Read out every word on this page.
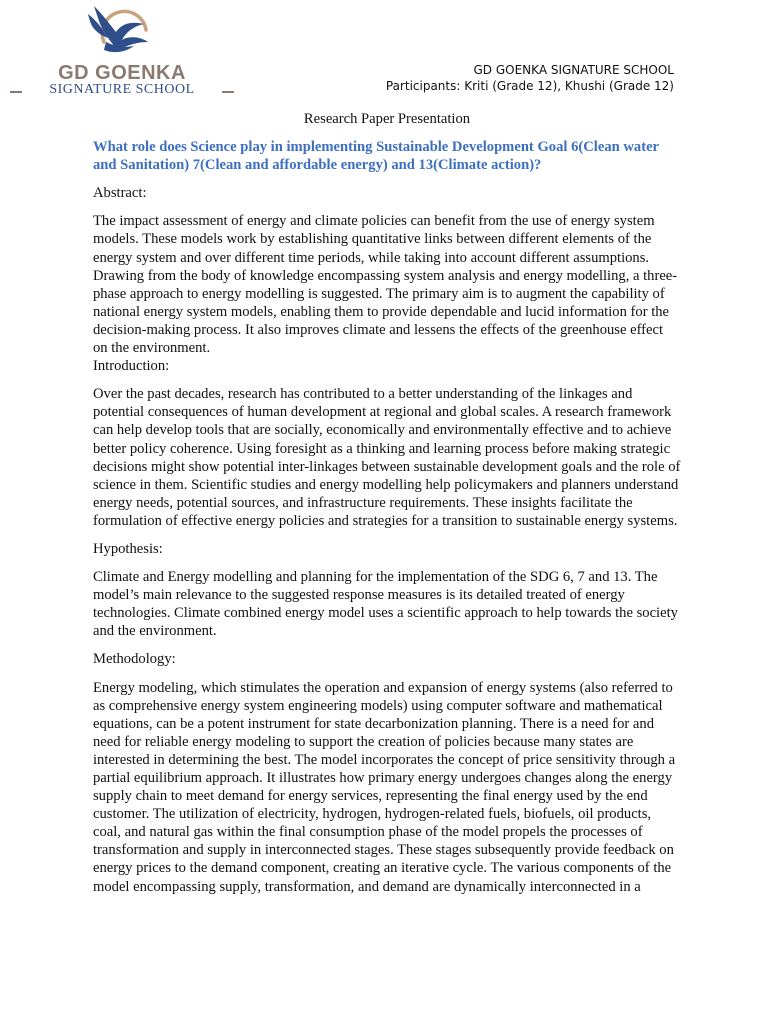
GD GOENKA
SIGNATURE SCHOOL
GD GOENKA SIGNATURE SCHOOL
Participants: Kriti (Grade 12), Khushi (Grade 12)
Research Paper Presentation
What role does Science play in implementing Sustainable Development Goal 6(Clean water and Sanitation) 7(Clean and affordable energy) and 13(Climate action)?
Abstract:
The impact assessment of energy and climate policies can benefit from the use of energy system models. These models work by establishing quantitative links between different elements of the energy system and over different time periods, while taking into account different assumptions. Drawing from the body of knowledge encompassing system analysis and energy modelling, a three-phase approach to energy modelling is suggested. The primary aim is to augment the capability of national energy system models, enabling them to provide dependable and lucid information for the decision-making process. It also improves climate and lessens the effects of the greenhouse effect on the environment.
Introduction:
Over the past decades, research has contributed to a better understanding of the linkages and potential consequences of human development at regional and global scales. A research framework can help develop tools that are socially, economically and environmentally effective and to achieve better policy coherence. Using foresight as a thinking and learning process before making strategic decisions might show potential inter-linkages between sustainable development goals and the role of science in them. Scientific studies and energy modelling help policymakers and planners understand energy needs, potential sources, and infrastructure requirements. These insights facilitate the formulation of effective energy policies and strategies for a transition to sustainable energy systems.
Hypothesis:
Climate and Energy modelling and planning for the implementation of the SDG 6, 7 and 13. The model’s main relevance to the suggested response measures is its detailed treated of energy technologies. Climate combined energy model uses a scientific approach to help towards the society and the environment.
Methodology:
Energy modeling, which stimulates the operation and expansion of energy systems (also referred to as comprehensive energy system engineering models) using computer software and mathematical equations, can be a potent instrument for state decarbonization planning. There is a need for and need for reliable energy modeling to support the creation of policies because many states are interested in determining the best. The model incorporates the concept of price sensitivity through a partial equilibrium approach. It illustrates how primary energy undergoes changes along the energy supply chain to meet demand for energy services, representing the final energy used by the end customer. The utilization of electricity, hydrogen, hydrogen-related fuels, biofuels, oil products, coal, and natural gas within the final consumption phase of the model propels the processes of transformation and supply in interconnected stages. These stages subsequently provide feedback on energy prices to the demand component, creating an iterative cycle. The various components of the model encompassing supply, transformation, and demand are dynamically interconnected in a
